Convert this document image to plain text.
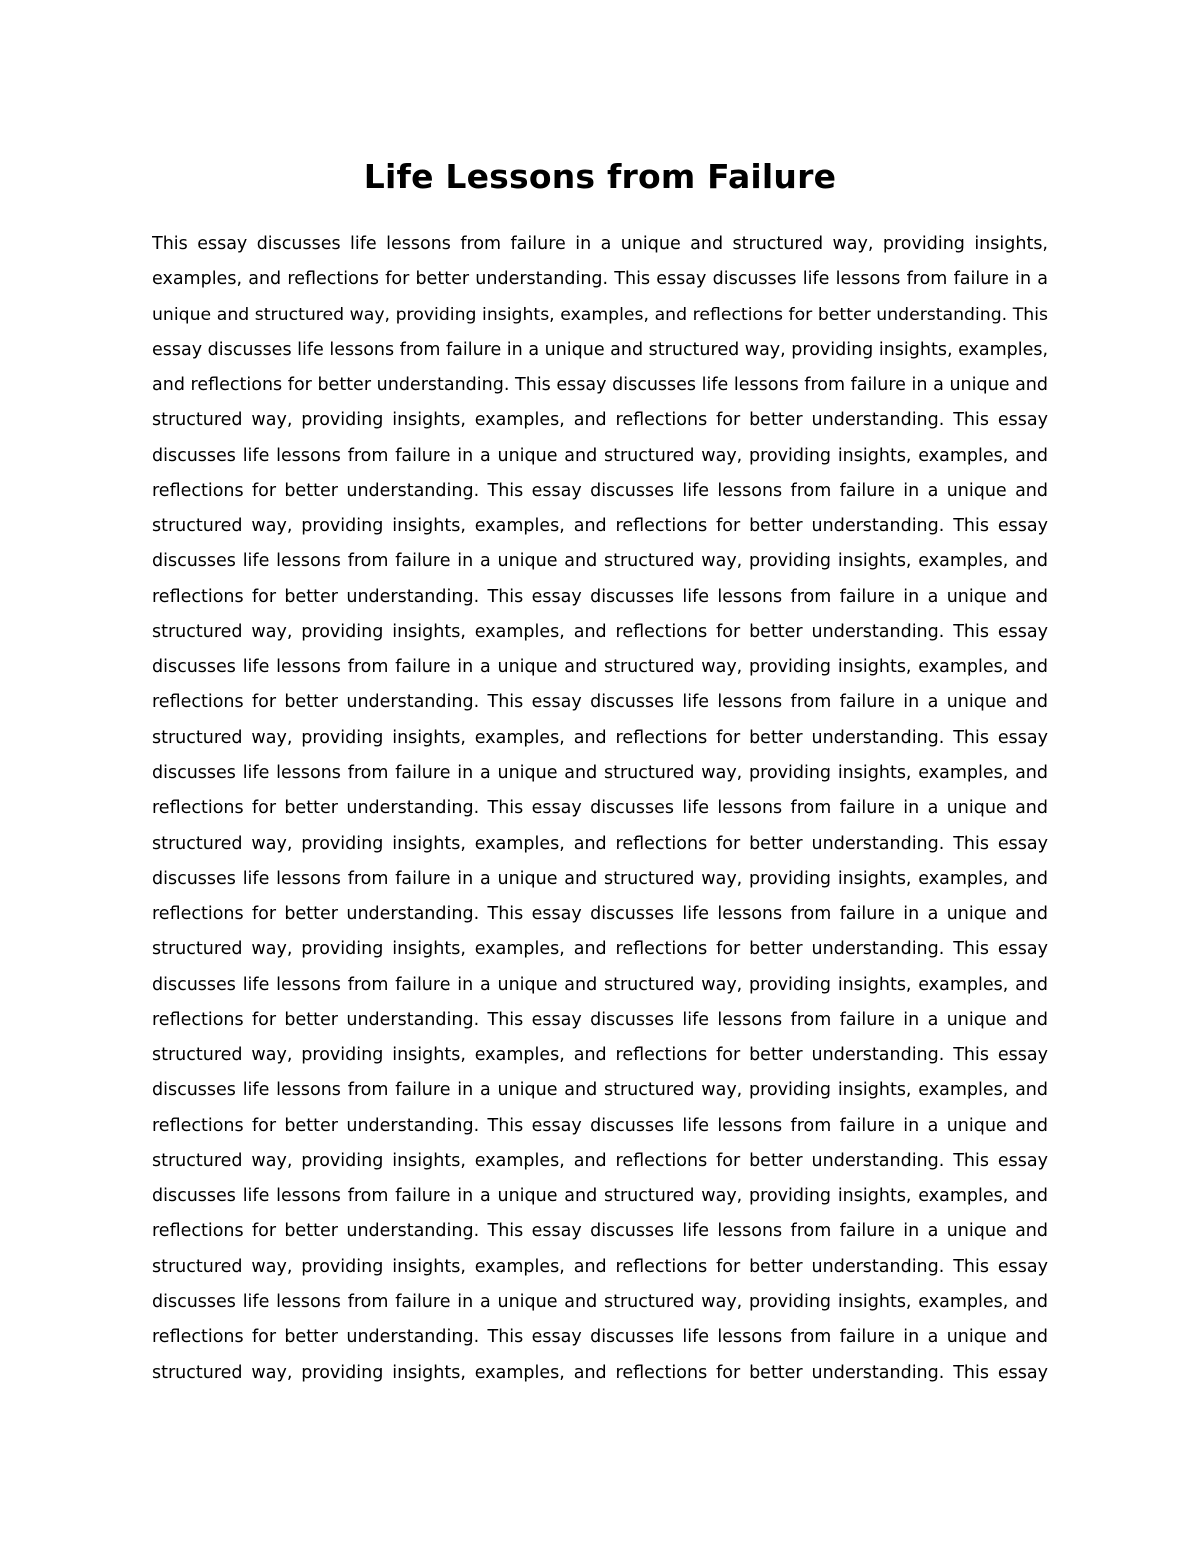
Life Lessons from Failure
This essay discusses life lessons from failure in a unique and structured way, providing insights,
examples, and reflections for better understanding. This essay discusses life lessons from failure in a
unique and structured way, providing insights, examples, and reflections for better understanding. This
essay discusses life lessons from failure in a unique and structured way, providing insights, examples,
and reflections for better understanding. This essay discusses life lessons from failure in a unique and
structured way, providing insights, examples, and reflections for better understanding. This essay
discusses life lessons from failure in a unique and structured way, providing insights, examples, and
reflections for better understanding. This essay discusses life lessons from failure in a unique and
structured way, providing insights, examples, and reflections for better understanding. This essay
discusses life lessons from failure in a unique and structured way, providing insights, examples, and
reflections for better understanding. This essay discusses life lessons from failure in a unique and
structured way, providing insights, examples, and reflections for better understanding. This essay
discusses life lessons from failure in a unique and structured way, providing insights, examples, and
reflections for better understanding. This essay discusses life lessons from failure in a unique and
structured way, providing insights, examples, and reflections for better understanding. This essay
discusses life lessons from failure in a unique and structured way, providing insights, examples, and
reflections for better understanding. This essay discusses life lessons from failure in a unique and
structured way, providing insights, examples, and reflections for better understanding. This essay
discusses life lessons from failure in a unique and structured way, providing insights, examples, and
reflections for better understanding. This essay discusses life lessons from failure in a unique and
structured way, providing insights, examples, and reflections for better understanding. This essay
discusses life lessons from failure in a unique and structured way, providing insights, examples, and
reflections for better understanding. This essay discusses life lessons from failure in a unique and
structured way, providing insights, examples, and reflections for better understanding. This essay
discusses life lessons from failure in a unique and structured way, providing insights, examples, and
reflections for better understanding. This essay discusses life lessons from failure in a unique and
structured way, providing insights, examples, and reflections for better understanding. This essay
discusses life lessons from failure in a unique and structured way, providing insights, examples, and
reflections for better understanding. This essay discusses life lessons from failure in a unique and
structured way, providing insights, examples, and reflections for better understanding. This essay
discusses life lessons from failure in a unique and structured way, providing insights, examples, and
reflections for better understanding. This essay discusses life lessons from failure in a unique and
structured way, providing insights, examples, and reflections for better understanding. This essay
